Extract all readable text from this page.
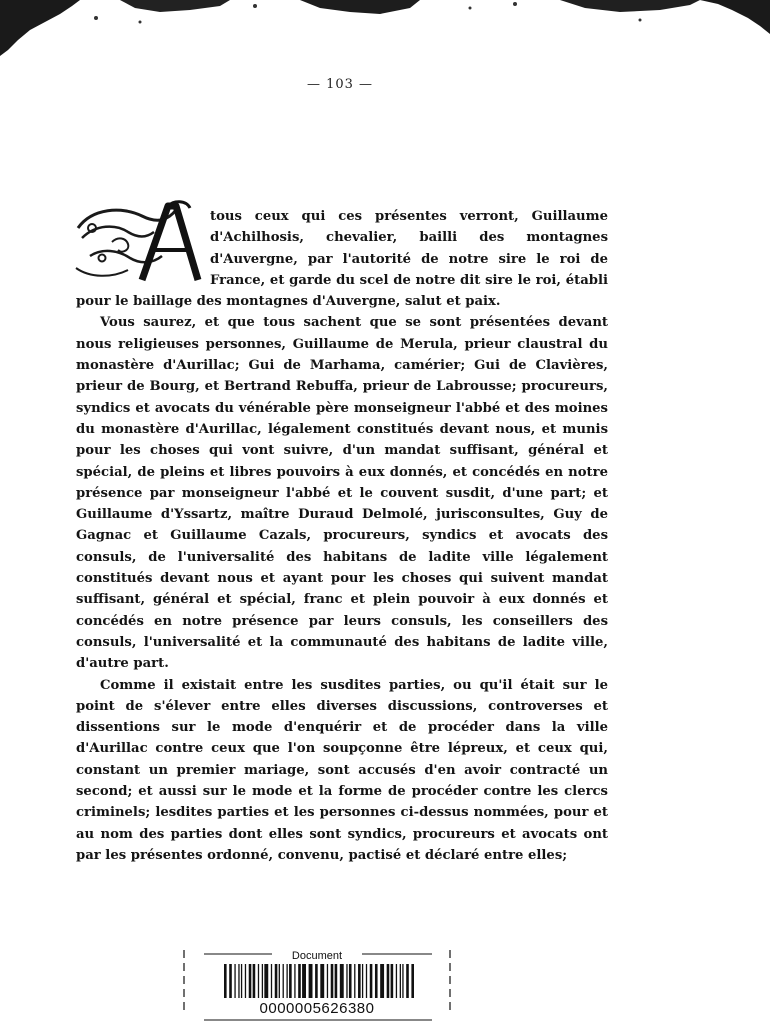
— 103 —

tous ceux qui ces présentes verront, Guillaume d'Achilhosis, chevalier, bailli des montagnes d'Auvergne, par l'autorité de notre sire le roi de France, et garde du scel de notre dit sire le roi, établi pour le baillage des montagnes d'Auvergne, salut et paix.

Vous saurez, et que tous sachent que se sont présentées devant nous religieuses personnes, Guillaume de Merula, prieur claustral du monastère d'Aurillac; Gui de Marhama, camérier; Gui de Clavières, prieur de Bourg, et Bertrand Rebuffa, prieur de Labrousse; procureurs, syndics et avocats du vénérable père monseigneur l'abbé et des moines du monastère d'Aurillac, légalement constitués devant nous, et munis pour les choses qui vont suivre, d'un mandat suffisant, général et spécial, de pleins et libres pouvoirs à eux donnés, et concédés en notre présence par monseigneur l'abbé et le couvent susdit, d'une part; et Guillaume d'Yssartz, maître Duraud Delmolé, jurisconsultes, Guy de Gagnac et Guillaume Cazals, procureurs, syndics et avocats des consuls, de l'universalité des habitans de ladite ville légalement constitués devant nous et ayant pour les choses qui suivent mandat suffisant, général et spécial, franc et plein pouvoir à eux donnés et concédés en notre présence par leurs consuls, les conseillers des consuls, l'universalité et la communauté des habitans de ladite ville, d'autre part.

Comme il existait entre les susdites parties, ou qu'il était sur le point de s'élever entre elles diverses discussions, controverses et dissentions sur le mode d'enquérir et de procéder dans la ville d'Aurillac contre ceux que l'on soupçonne être lépreux, et ceux qui, constant un premier mariage, sont accusés d'en avoir contracté un second; et aussi sur le mode et la forme de procéder contre les clercs criminels; lesdites parties et les personnes ci-dessus nommées, pour et au nom des parties dont elles sont syndics, procureurs et avocats ont par les présentes ordonné, convenu, pactisé et déclaré entre elles;

Document
0000005626380
